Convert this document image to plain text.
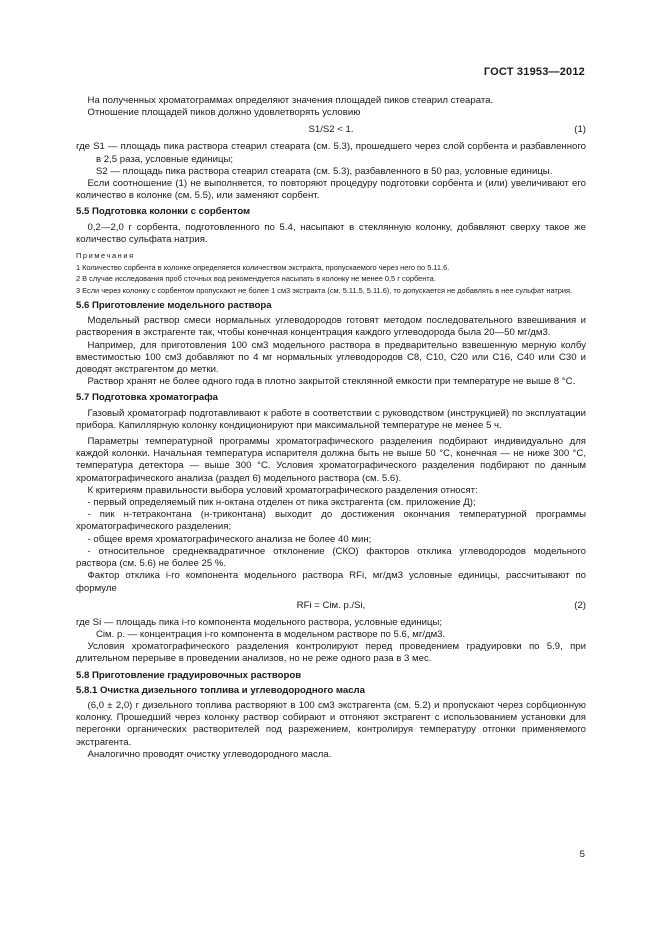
ГОСТ 31953—2012

На полученных хроматограммах определяют значения площадей пиков стеарил стеарата.

Отношение площадей пиков должно удовлетворять условию

S1/S2 < 1.	(1)

где S1 — площадь пика раствора стеарил стеарата (см. 5.3), прошедшего через слой сорбента и разбавленного в 2,5 раза, условные единицы;

S2 — площадь пика раствора стеарил стеарата (см. 5.3), разбавленного в 50 раз, условные единицы.

Если соотношение (1) не выполняется, то повторяют процедуру подготовки сорбента и (или) увеличивают его количество в колонке (см. 5.5), или заменяют сорбент.

5.5 Подготовка колонки с сорбентом

0,2—2,0 г сорбента, подготовленного по 5.4, насыпают в стеклянную колонку, добавляют сверху такое же количество сульфата натрия.

Примечания

1 Количество сорбента в колонке определяется количеством экстракта, пропускаемого через него по 5.11.6.

2 В случае исследования проб сточных вод рекомендуется насыпать в колонку не менее 0,5 г сорбента.

3 Если через колонку с сорбентом пропускают не более 1 см3 экстракта (см. 5.11.5, 5.11.6), то допускается не добавлять в нее сульфат натрия.

5.6 Приготовление модельного раствора

Модельный раствор смеси нормальных углеводородов готовят методом последовательного взвешивания и растворения в экстрагенте так, чтобы конечная концентрация каждого углеводорода была 20—50 мг/дм3.

Например, для приготовления 100 см3 модельного раствора в предварительно взвешенную мерную колбу вместимостью 100 см3 добавляют по 4 мг нормальных углеводородов С8, С10, С20 или С16, С40 или С30 и доводят экстрагентом до метки.

Раствор хранят не более одного года в плотно закрытой стеклянной емкости при температуре не выше 8 °С.

5.7 Подготовка хроматографа

Газовый хроматограф подготавливают к работе в соответствии с руководством (инструкцией) по эксплуатации прибора. Капиллярную колонку кондиционируют при максимальной температуре не менее 5 ч.

Параметры температурной программы хроматографического разделения подбирают индивидуально для каждой колонки. Начальная температура испарителя должна быть не выше 50 °С, конечная — не ниже 300 °С, температура детектора — выше 300 °С. Условия хроматографического разделения подбирают по данным хроматографического анализа (раздел 6) модельного раствора (см. 5.6).

К критериям правильности выбора условий хроматографического разделения относят:

- первый определяемый пик н-октана отделен от пика экстрагента (см. приложение Д);

- пик н-тетраконтана (н-триконтана) выходит до достижения окончания температурной программы хроматографического разделения;

- общее время хроматографического анализа не более 40 мин;

- относительное среднеквадратичное отклонение (СКО) факторов отклика углеводородов модельного раствора (см. 5.6) не более 25 %.

Фактор отклика i-го компонента модельного раствора RFi, мг/дм3 условные единицы, рассчитывают по формуле

RFi = Ciм. р./Si,	(2)

где Si — площадь пика i-го компонента модельного раствора, условные единицы;

Ciм. р. — концентрация i-го компонента в модельном растворе по 5.6, мг/дм3.

Условия хроматографического разделения контролируют перед проведением градуировки по 5.9, при длительном перерыве в проведении анализов, но не реже одного раза в 3 мес.

5.8 Приготовление градуировочных растворов

5.8.1 Очистка дизельного топлива и углеводородного масла

(6,0 ± 2,0) г дизельного топлива растворяют в 100 см3 экстрагента (см. 5.2) и пропускают через сорбционную колонку. Прошедший через колонку раствор собирают и отгоняют экстрагент с использованием установки для перегонки органических растворителей под разрежением, контролируя температуру отгонки применяемого экстрагента.

Аналогично проводят очистку углеводородного масла.

5
